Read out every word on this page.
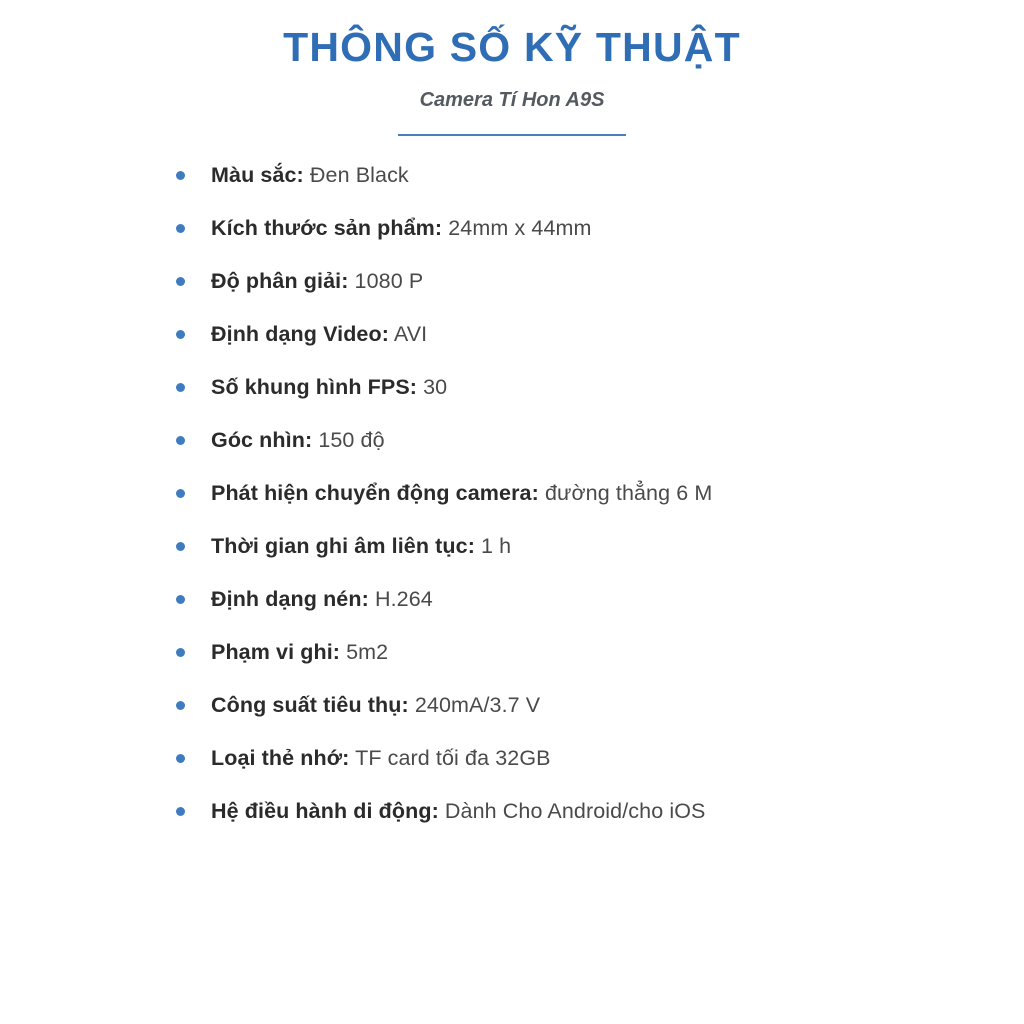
THÔNG SỐ KỸ THUẬT
Camera Tí Hon A9S
Màu sắc: Đen Black
Kích thước sản phẩm: 24mm x 44mm
Độ phân giải: 1080 P
Định dạng Video: AVI
Số khung hình FPS: 30
Góc nhìn: 150 độ
Phát hiện chuyển động camera: đường thẳng 6 M
Thời gian ghi âm liên tục: 1 h
Định dạng nén: H.264
Phạm vi ghi: 5m2
Công suất tiêu thụ: 240mA/3.7 V
Loại thẻ nhớ: TF card tối đa 32GB
Hệ điều hành di động: Dành Cho Android/cho iOS
